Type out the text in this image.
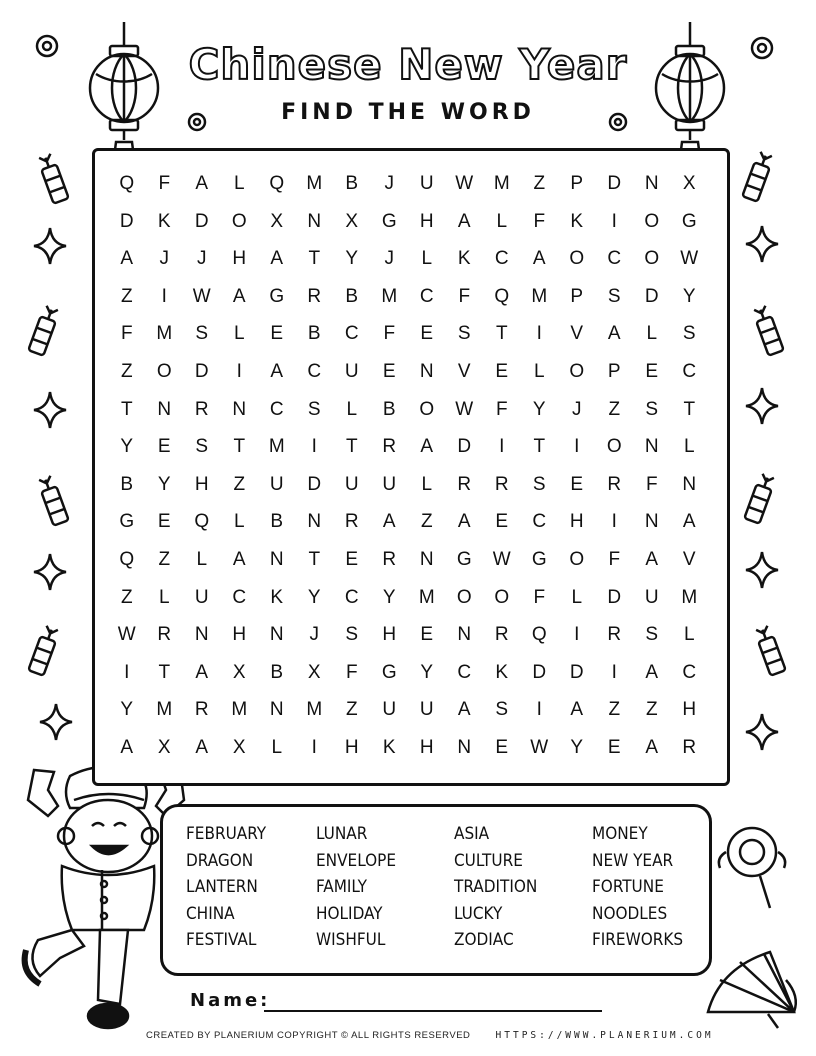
Chinese New Year
FIND THE WORD
Q	F	A	L	Q	M	B	J	U	W	M	Z	P	D	N	X
D	K	D	O	X	N	X	G	H	A	L	F	K	I	O	G
A	J	J	H	A	T	Y	J	L	K	C	A	O	C	O	W
Z	I	W	A	G	R	B	M	C	F	Q	M	P	S	D	Y
F	M	S	L	E	B	C	F	E	S	T	I	V	A	L	S
Z	O	D	I	A	C	U	E	N	V	E	L	O	P	E	C
T	N	R	N	C	S	L	B	O	W	F	Y	J	Z	S	T
Y	E	S	T	M	I	T	R	A	D	I	T	I	O	N	L
B	Y	H	Z	U	D	U	U	L	R	R	S	E	R	F	N
G	E	Q	L	B	N	R	A	Z	A	E	C	H	I	N	A
Q	Z	L	A	N	T	E	R	N	G	W	G	O	F	A	V
Z	L	U	C	K	Y	C	Y	M	O	O	F	L	D	U	M
W	R	N	H	N	J	S	H	E	N	R	Q	I	R	S	L
I	T	A	X	B	X	F	G	Y	C	K	D	D	I	A	C
Y	M	R	M	N	M	Z	U	U	A	S	I	A	Z	Z	H
A	X	A	X	L	I	H	K	H	N	E	W	Y	E	A	R
FEBRUARY	LUNAR	ASIA	MONEY
DRAGON	ENVELOPE	CULTURE	NEW YEAR
LANTERN	FAMILY	TRADITION	FORTUNE
CHINA	HOLIDAY	LUCKY	NOODLES
FESTIVAL	WISHFUL	ZODIAC	FIREWORKS
Name:
CREATED BY PLANERIUM COPYRIGHT © ALL RIGHTS RESERVED	HTTPS://WWW.PLANERIUM.COM
